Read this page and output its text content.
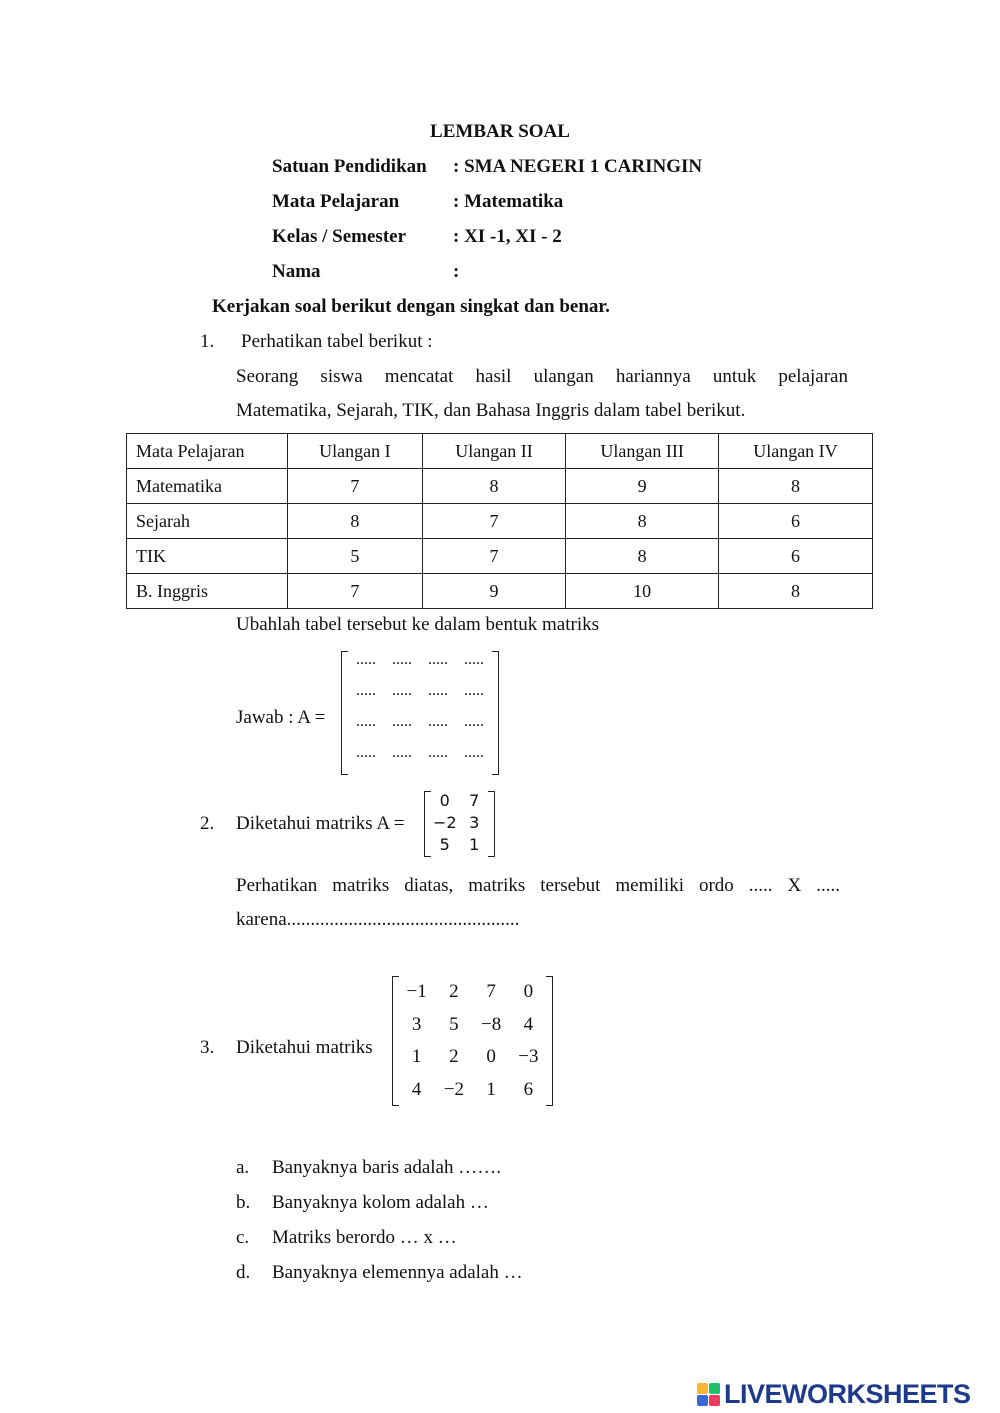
LEMBAR SOAL
Satuan Pendidikan : SMA NEGERI 1 CARINGIN
Mata Pelajaran	: Matematika
Kelas / Semester : XI -1, XI - 2
Nama	:
Kerjakan soal berikut dengan singkat dan benar.
1. Perhatikan tabel berikut :
Seorang siswa mencatat hasil ulangan hariannya untuk pelajaran
Matematika, Sejarah, TIK, dan Bahasa Inggris dalam tabel berikut.
Mata Pelajaran	Ulangan I	Ulangan II	Ulangan III	Ulangan IV
Matematika	7	8	9	8
Sejarah	8	7	8	6
TIK	5	7	8	6
B. Inggris	7	9	10	8
Ubahlah tabel tersebut ke dalam bentuk matriks
Jawab : A =
.....	.....	.....	.....
.....	.....	.....	.....
.....	.....	.....	.....
.....	.....	.....	.....
2. Diketahui matriks A =
0	7
−2 3
5	1
Perhatikan matriks diatas, matriks tersebut memiliki ordo ..... X .....
karena.................................................
3. Diketahui matriks
−1	2	7	0
3	5	−8	4
1	2	0	−3
4	−2	1	6
a. Banyaknya baris adalah …….
b. Banyaknya kolom adalah …
c. Matriks berordo … x …
d. Banyaknya elemennya adalah …
LIVEWORKSHEETS
